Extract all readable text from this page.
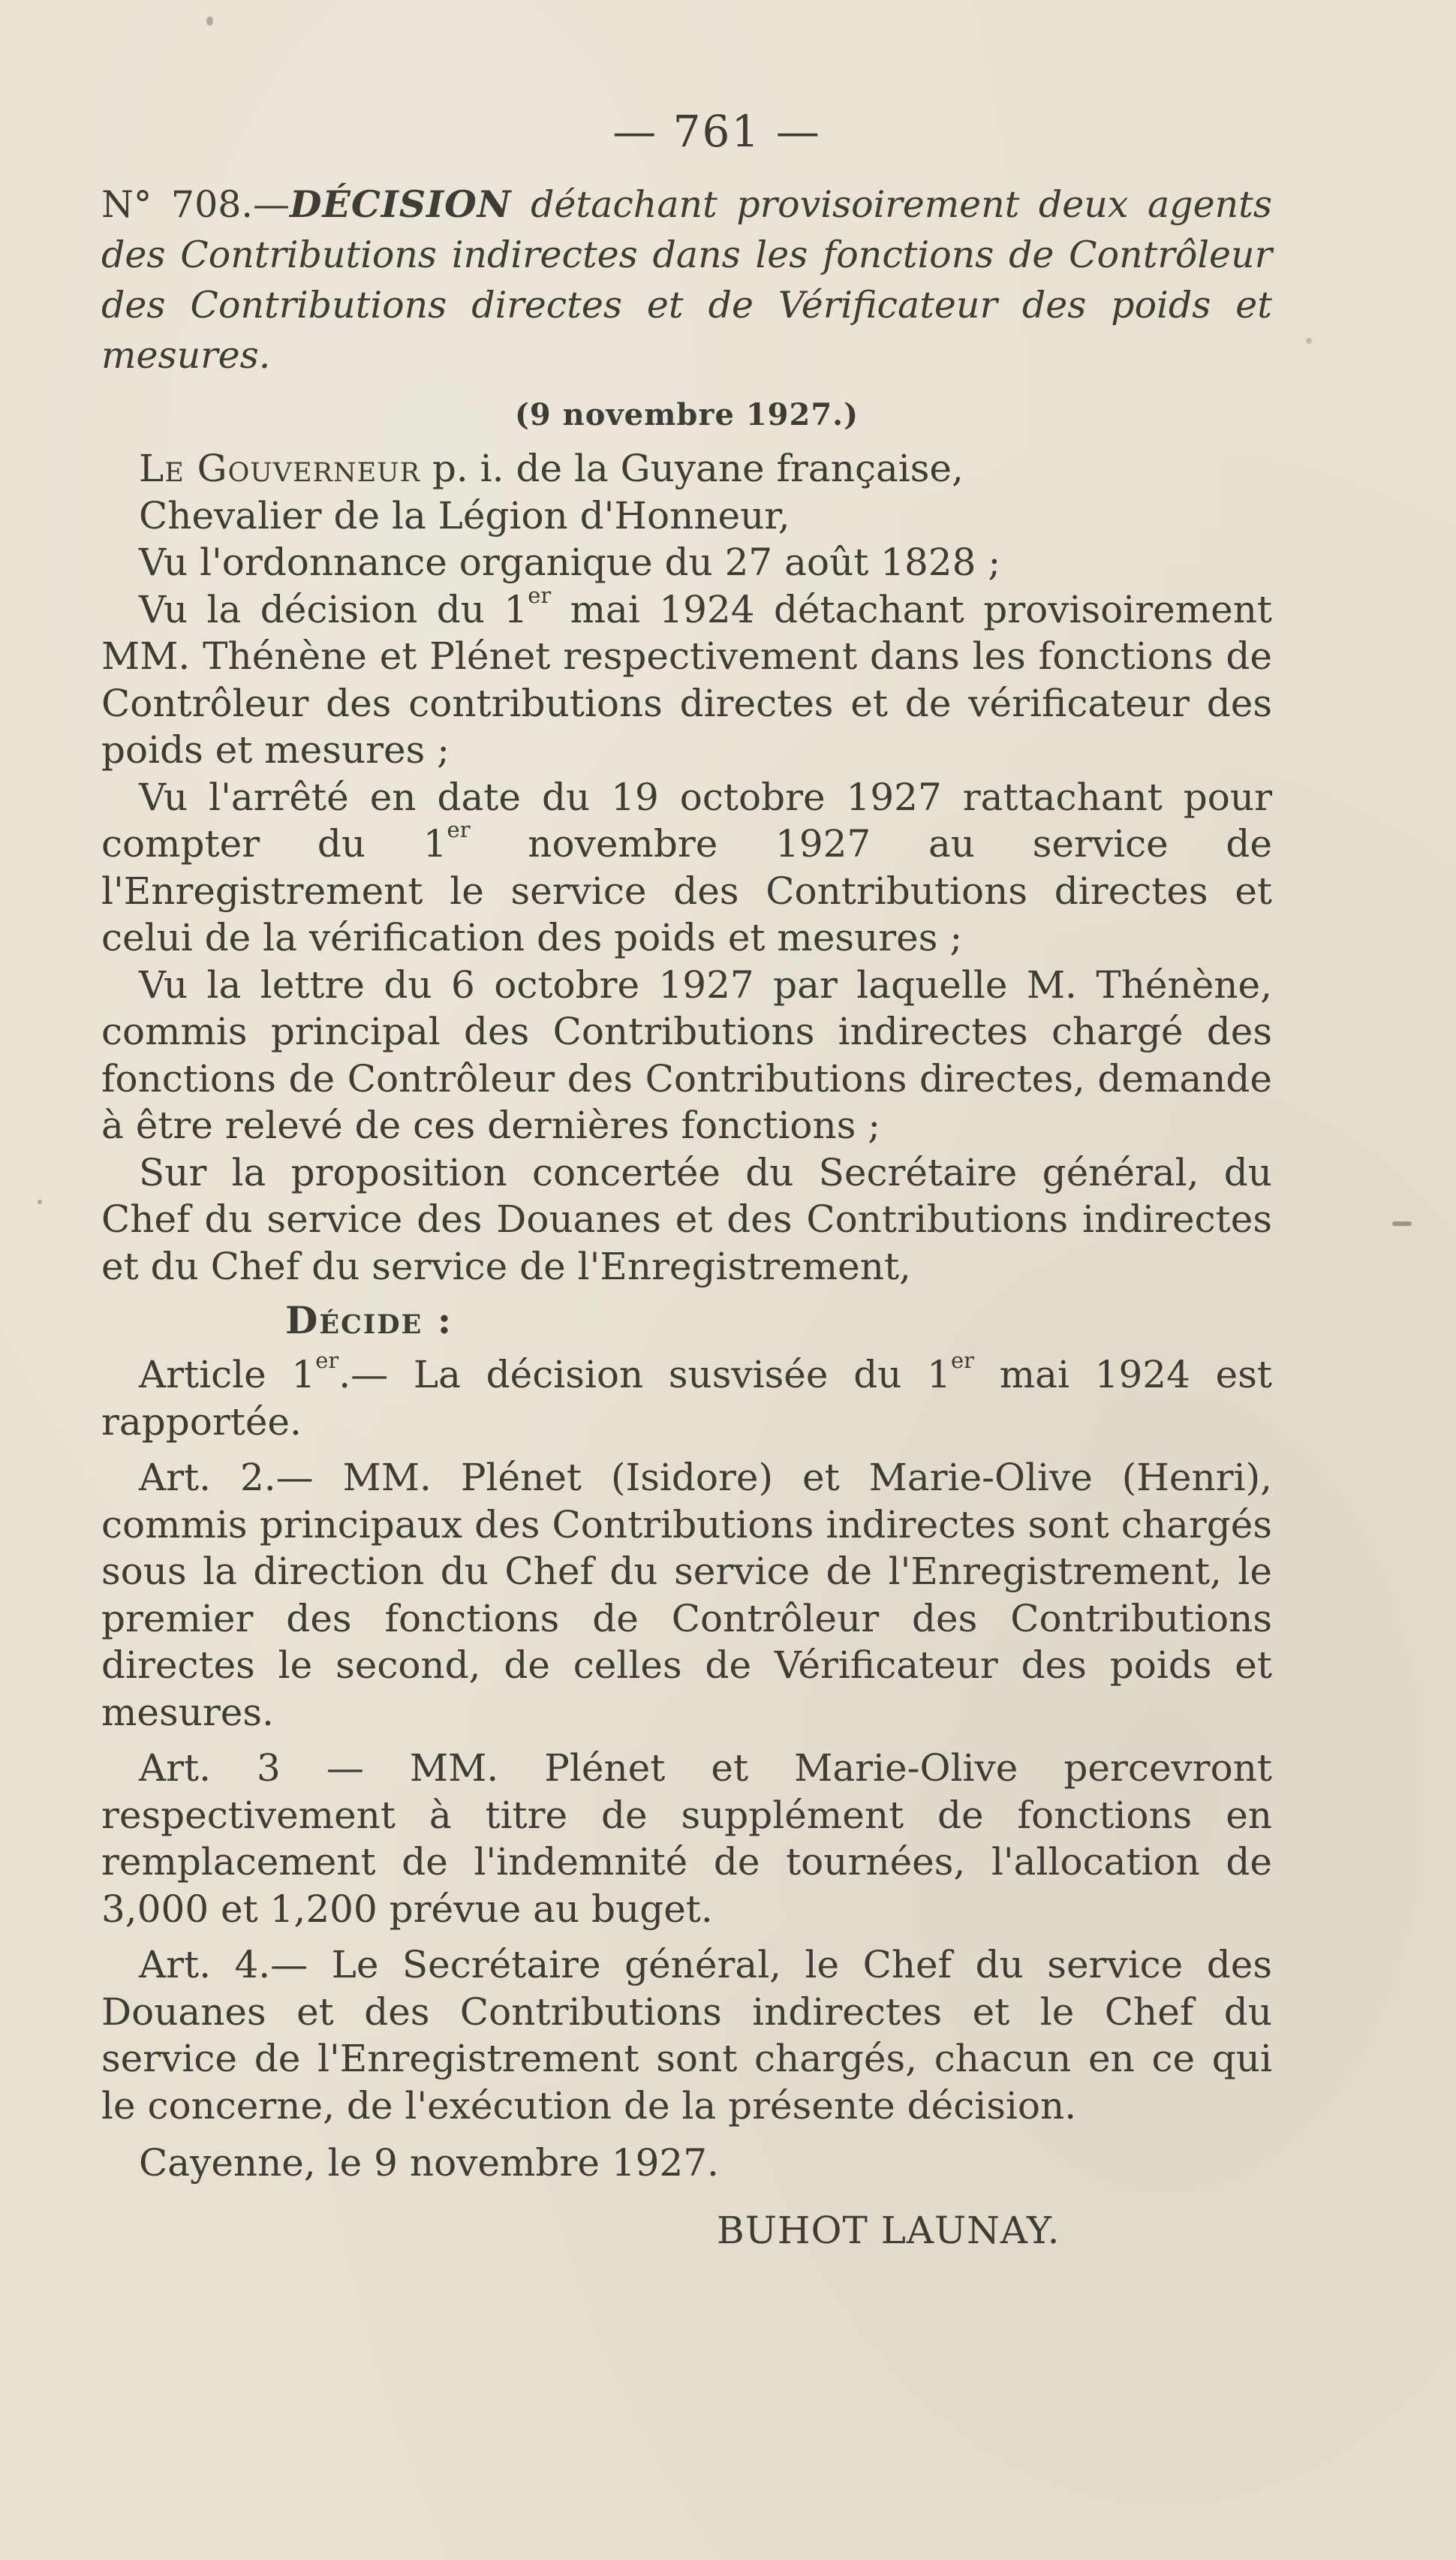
— 761 —

N° 708.—DÉCISION détachant provisoirement deux agents des Contributions indirectes dans les fonctions de Contrôleur des Contributions directes et de Vérificateur des poids et mesures.

(9 novembre 1927.)

Le Gouverneur p. i. de la Guyane française,

Chevalier de la Légion d'Honneur,

Vu l'ordonnance organique du 27 août 1828 ;

Vu la décision du 1er mai 1924 détachant provisoirement MM. Thénène et Plénet respectivement dans les fonctions de Contrôleur des contributions directes et de vérificateur des poids et mesures ;

Vu l'arrêté en date du 19 octobre 1927 rattachant pour compter du 1er novembre 1927 au service de l'Enregistrement le service des Contributions directes et celui de la vérification des poids et mesures ;

Vu la lettre du 6 octobre 1927 par laquelle M. Thénène, commis principal des Contributions indirectes chargé des fonctions de Contrôleur des Contributions directes, demande à être relevé de ces dernières fonctions ;

Sur la proposition concertée du Secrétaire général, du Chef du service des Douanes et des Contributions indirectes et du Chef du service de l'Enregistrement,

Décide :

Article 1er.— La décision susvisée du 1er mai 1924 est rapportée.

Art. 2.— MM. Plénet (Isidore) et Marie-Olive (Henri), commis principaux des Contributions indirectes sont chargés sous la direction du Chef du service de l'Enregistrement, le premier des fonctions de Contrôleur des Contributions directes le second, de celles de Vérificateur des poids et mesures.

Art. 3 — MM. Plénet et Marie-Olive percevront respectivement à titre de supplément de fonctions en remplacement de l'indemnité de tournées, l'allocation de 3,000 et 1,200 prévue au buget.

Art. 4.— Le Secrétaire général, le Chef du service des Douanes et des Contributions indirectes et le Chef du service de l'Enregistrement sont chargés, chacun en ce qui le concerne, de l'exécution de la présente décision.

Cayenne, le 9 novembre 1927.

BUHOT LAUNAY.
